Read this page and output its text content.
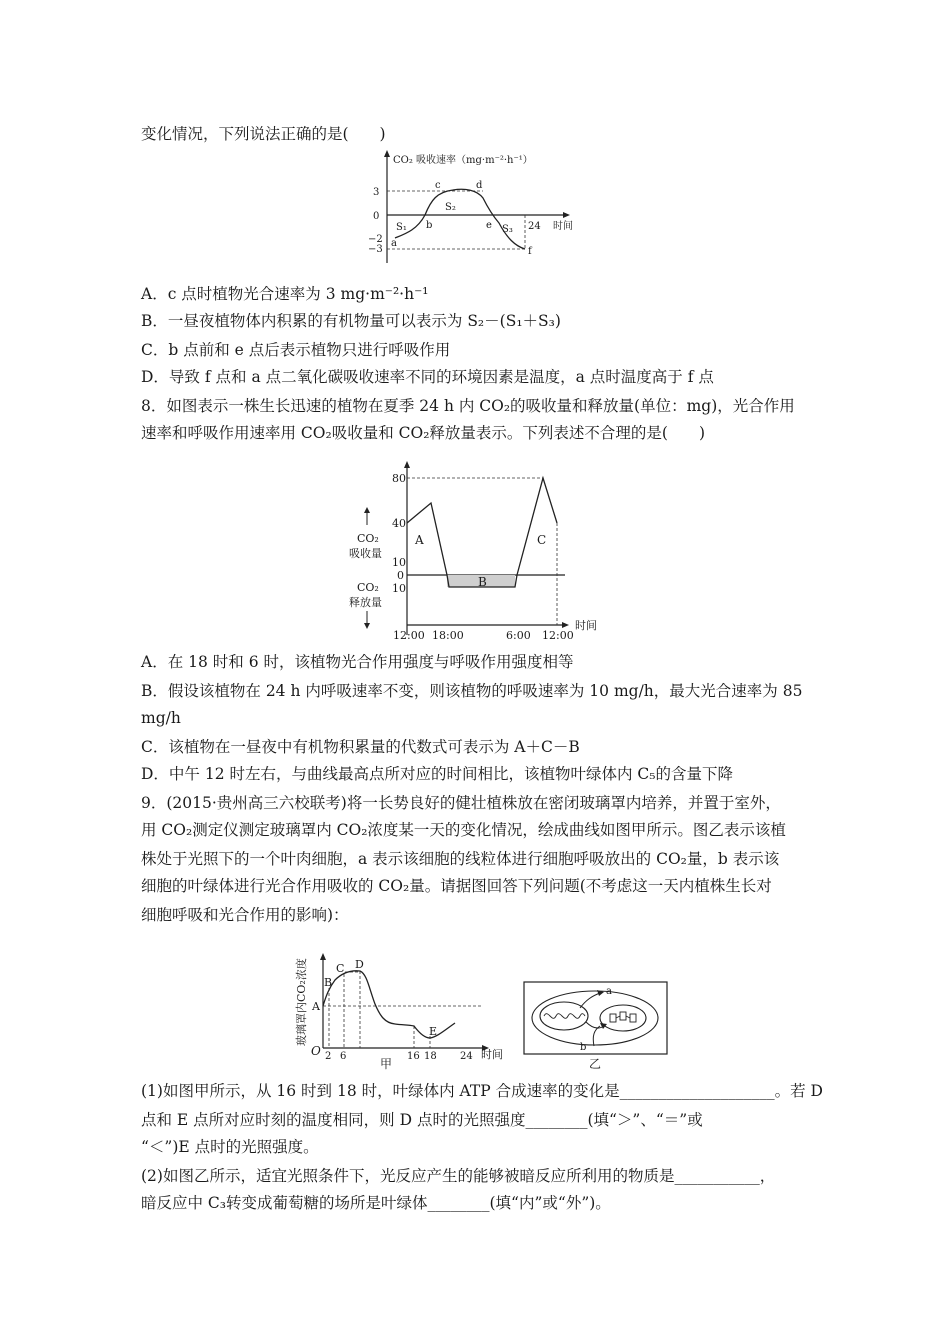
变化情况，下列说法正确的是(　　)
CO₂ 吸收速率（mg·m⁻²·h⁻¹）
3
0
−2
−3
a
b
c	d
e
f
S₁
S₂
S₃ 24 时间
A．c 点时植物光合速率为 3 mg·m⁻²·h⁻¹
B．一昼夜植物体内积累的有机物量可以表示为 S₂－(S₁＋S₃)
C．b 点前和 e 点后表示植物只进行呼吸作用
D．导致 f 点和 a 点二氧化碳吸收速率不同的环境因素是温度，a 点时温度高于 f 点
8．如图表示一株生长迅速的植物在夏季 24 h 内 CO₂的吸收量和释放量(单位：mg)，光合作用
速率和呼吸作用速率用 CO₂吸收量和 CO₂释放量表示。下列表述不合理的是(　　)
CO₂
吸收量
CO₂
释放量
80
40
10
0
10
A
B
C
12:00 18:00	6:00 12:00
时间
A．在 18 时和 6 时，该植物光合作用强度与呼吸作用强度相等
B．假设该植物在 24 h 内呼吸速率不变，则该植物的呼吸速率为 10 mg/h，最大光合速率为 85
mg/h
C．该植物在一昼夜中有机物积累量的代数式可表示为 A＋C－B
D．中午 12 时左右，与曲线最高点所对应的时间相比，该植物叶绿体内 C₅的含量下降
9．(2015·贵州高三六校联考)将一长势良好的健壮植株放在密闭玻璃罩内培养，并置于室外，
用 CO₂测定仪测定玻璃罩内 CO₂浓度某一天的变化情况，绘成曲线如图甲所示。图乙表示该植
株处于光照下的一个叶肉细胞，a 表示该细胞的线粒体进行细胞呼吸放出的 CO₂量，b 表示该
细胞的叶绿体进行光合作用吸收的 CO₂量。请据图回答下列问题(不考虑这一天内植株生长对
细胞呼吸和光合作用的影响)：
玻璃罩内CO₂浓度 A
B
C D
E
O 2 6	16 18 24 时间
甲
a
b
乙
(1)如图甲所示，从 16 时到 18 时，叶绿体内 ATP 合成速率的变化是____________________。若 D
点和 E 点所对应时刻的温度相同，则 D 点时的光照强度________(填“＞”、“＝”或
“＜”)E 点时的光照强度。
(2)如图乙所示，适宜光照条件下，光反应产生的能够被暗反应所利用的物质是___________，
暗反应中 C₃转变成葡萄糖的场所是叶绿体________(填“内”或“外”)。
